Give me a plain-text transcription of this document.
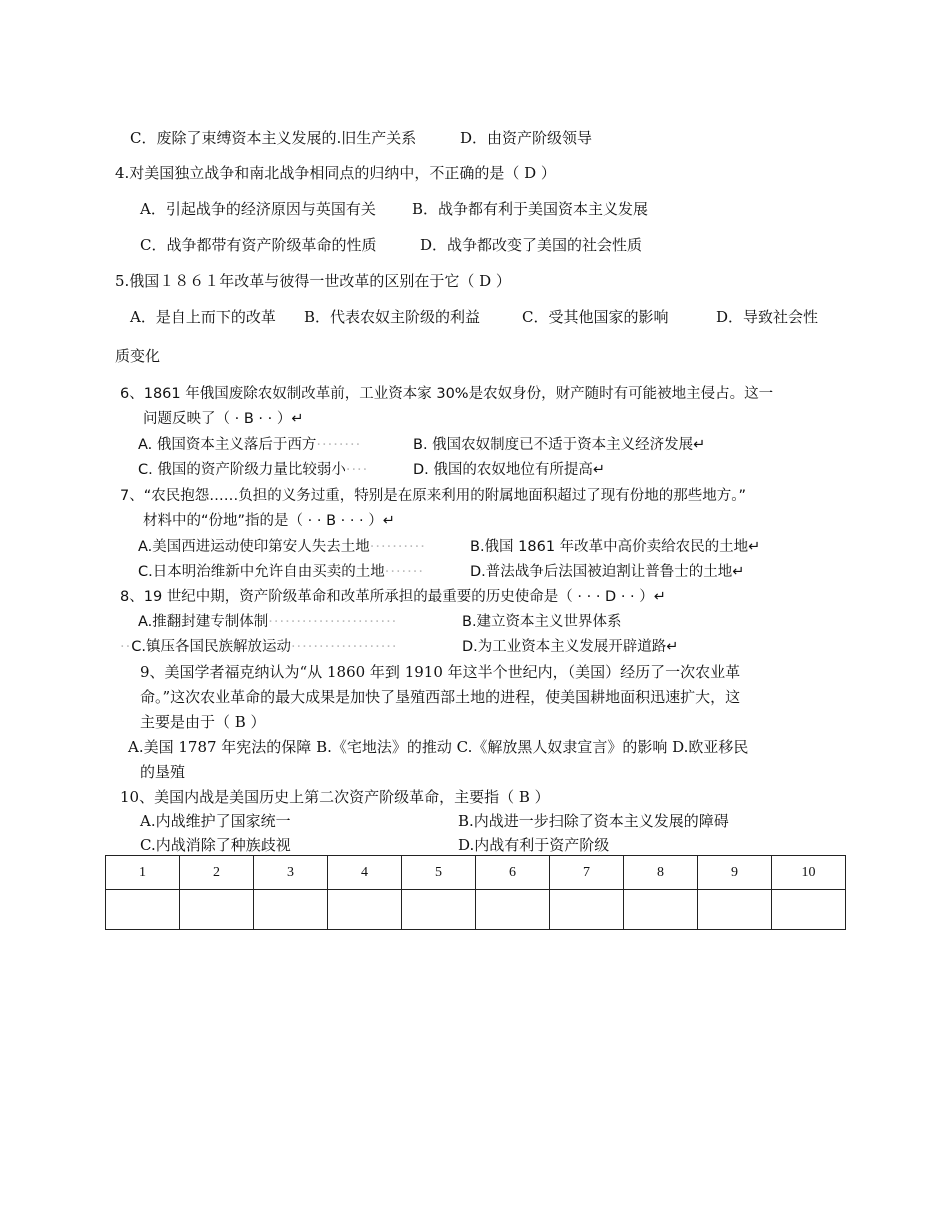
C．废除了束缚资本主义发展的.旧生产关系	D．由资产阶级领导
4.对美国独立战争和南北战争相同点的归纳中，不正确的是（ D ）
A．引起战争的经济原因与英国有关 B．战争都有利于美国资本主义发展
C．战争都带有资产阶级革命的性质	D．战争都改变了美国的社会性质
5.俄国１８６１年改革与彼得一世改革的区别在于它（ D ）
A．是自上而下的改革 B．代表农奴主阶级的利益	C．受其他国家的影响	D．导致社会性
质变化
6、1861 年俄国废除农奴制改革前，工业资本家 30%是农奴身份，财产随时有可能被地主侵占。这一
问题反映了（ · B · · ）↵
A. 俄国资本主义落后于西方········	B. 俄国农奴制度已不适于资本主义经济发展↵
C. 俄国的资产阶级力量比较弱小····	D. 俄国的农奴地位有所提高↵
7、“农民抱怨……负担的义务过重，特别是在原来利用的附属地面积超过了现有份地的那些地方。”
材料中的“份地”指的是（ · · B · · · ）↵
A.美国西进运动使印第安人失去土地··········	B.俄国 1861 年改革中高价卖给农民的土地↵
C.日本明治维新中允许自由买卖的土地·······	D.普法战争后法国被迫割让普鲁士的土地↵
8、19 世纪中期，资产阶级革命和改革所承担的最重要的历史使命是（ · · · D · · ）↵
A.推翻封建专制体制·······················	B.建立资本主义世界体系
··C.镇压各国民族解放运动···················	D.为工业资本主义发展开辟道路↵
9、美国学者福克纳认为“从 1860 年到 1910 年这半个世纪内，（美国）经历了一次农业革
命。”这次农业革命的最大成果是加快了垦殖西部土地的进程，使美国耕地面积迅速扩大，这
主要是由于（ B ）
A.美国 1787 年宪法的保障 B.《宅地法》的推动 C.《解放黑人奴隶宣言》的影响 D.欧亚移民
的垦殖
10、美国内战是美国历史上第二次资产阶级革命，主要指（ B ）
A.内战维护了国家统一	B.内战进一步扫除了资本主义发展的障碍
C.内战消除了种族歧视	D.内战有利于资产阶级
1	2	3	4	5	6	7	8	9	10
